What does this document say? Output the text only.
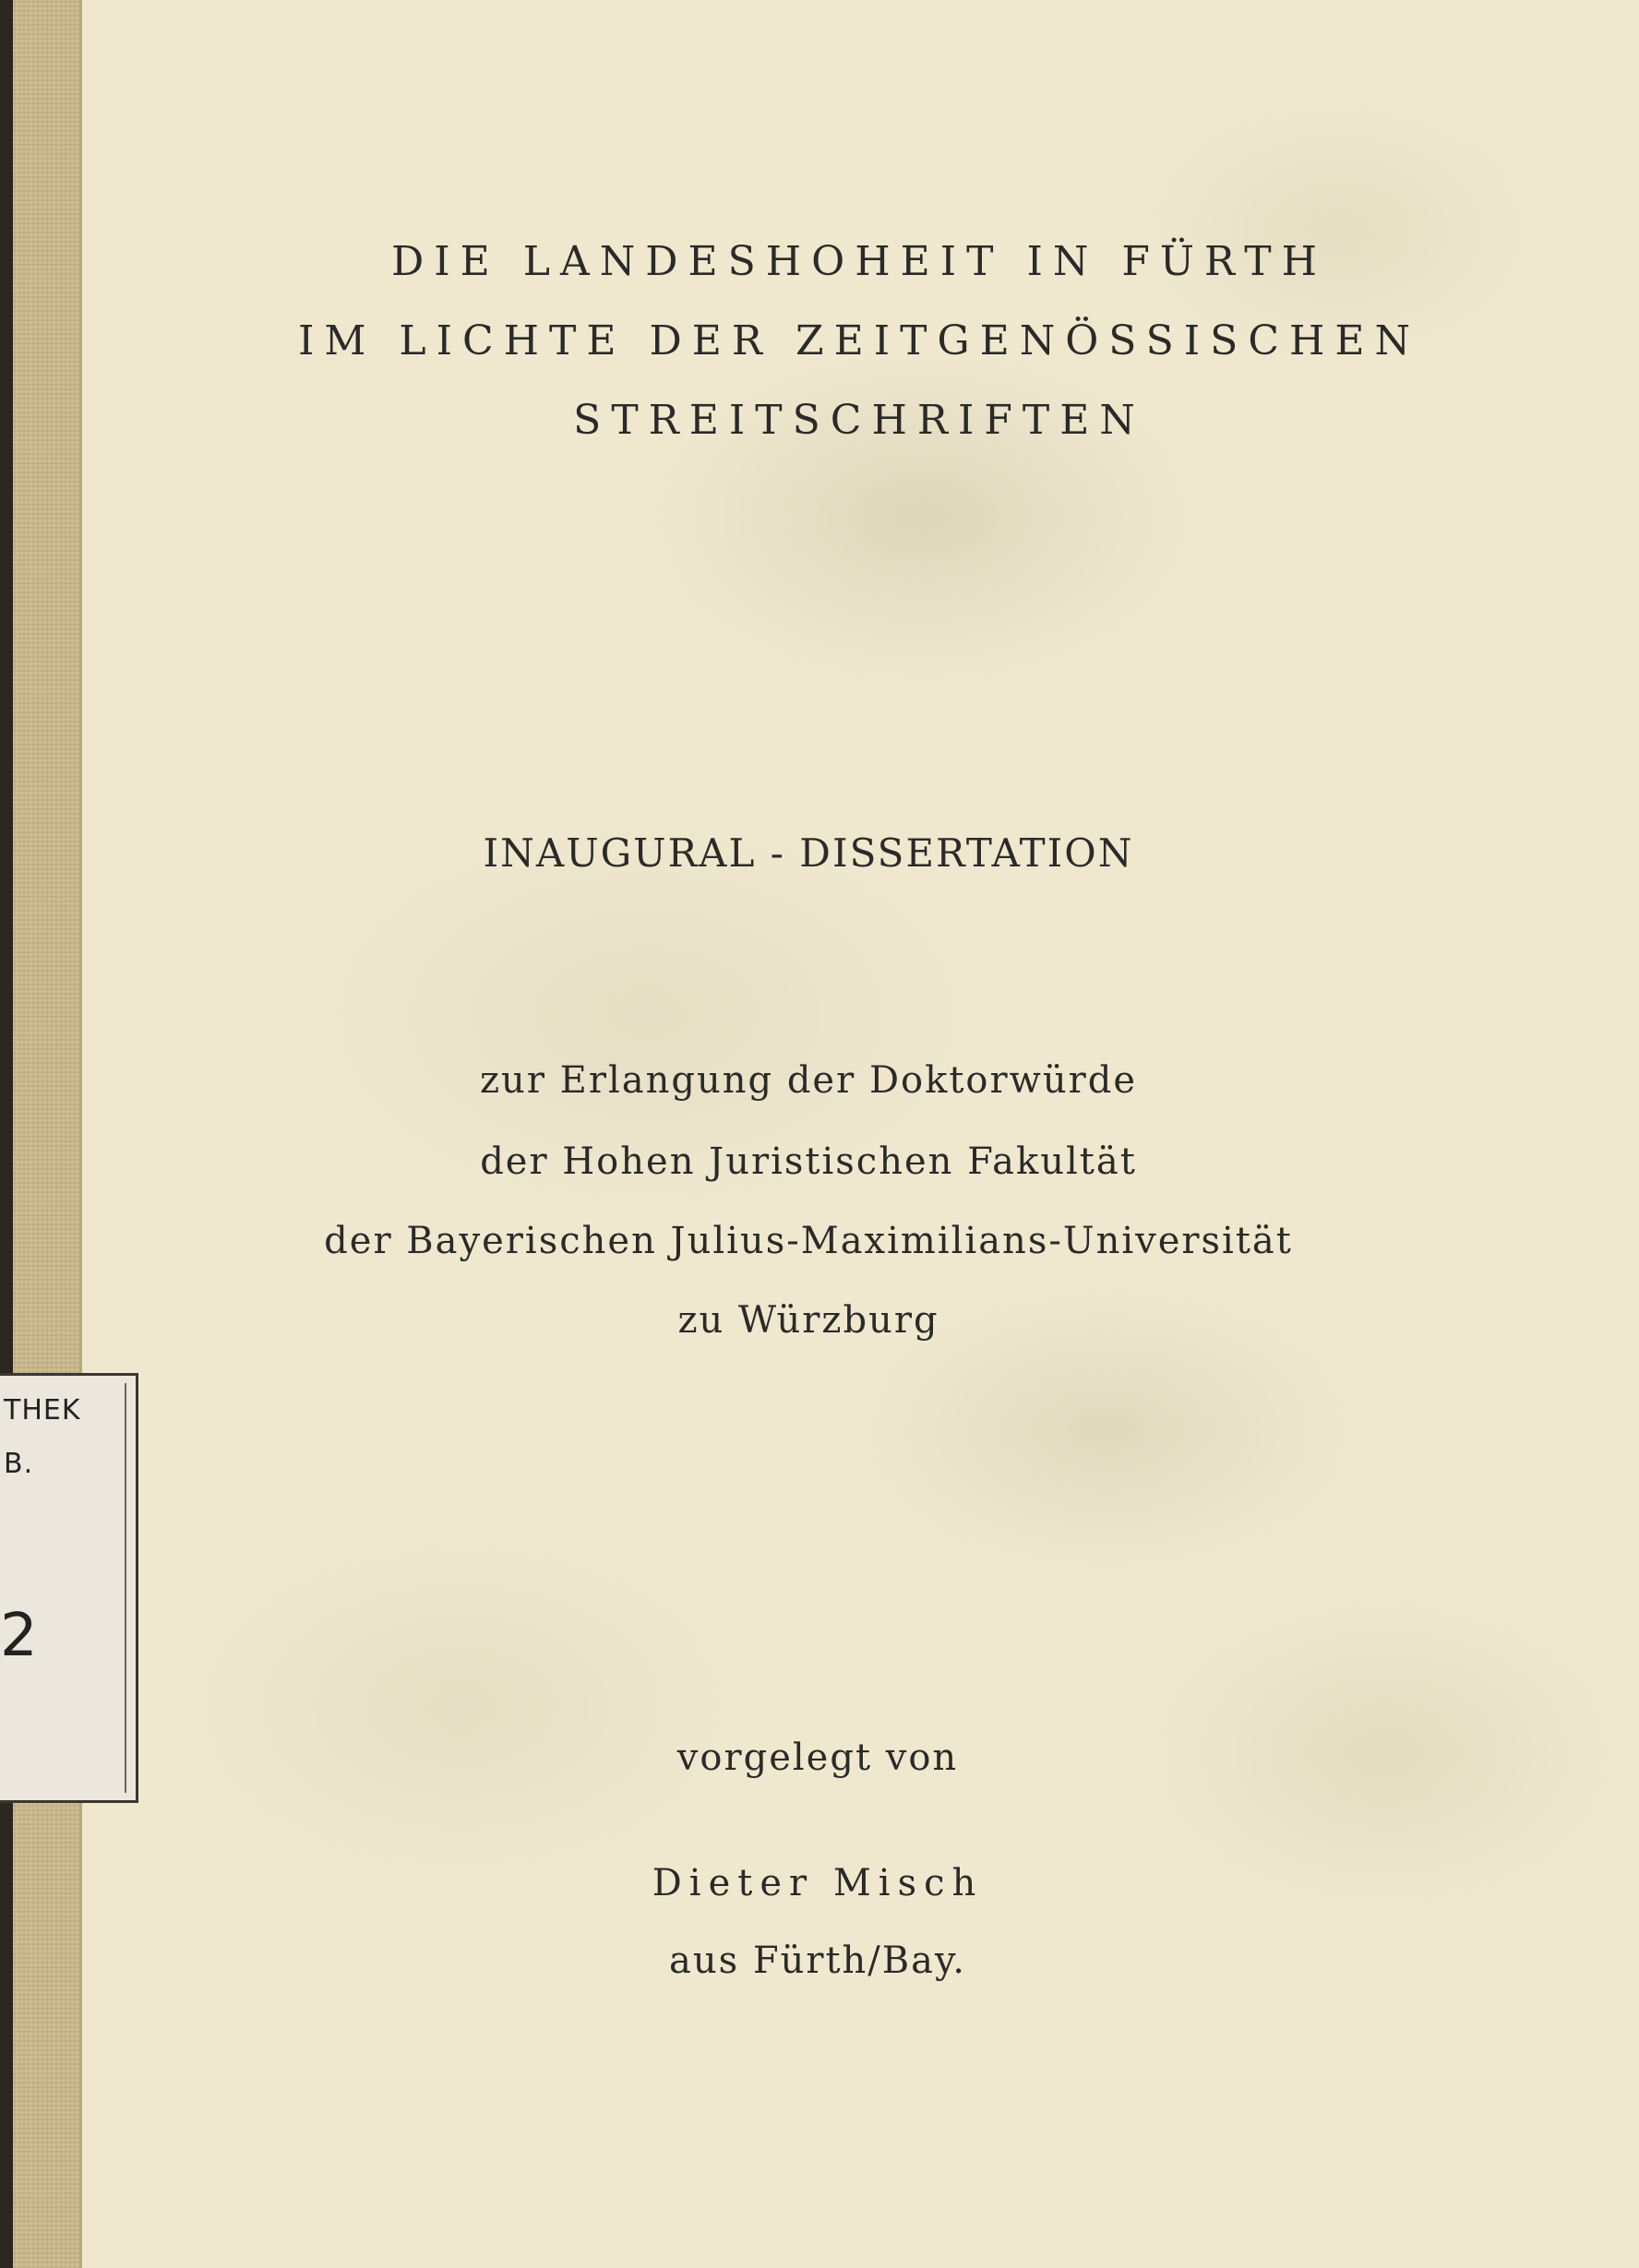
THEK
B.
2
DIE LANDESHOHEIT IN FÜRTH
IM LICHTE DER ZEITGENÖSSISCHEN
STREITSCHRIFTEN
INAUGURAL - DISSERTATION
zur Erlangung der Doktorwürde
der Hohen Juristischen Fakultät
der Bayerischen Julius-Maximilians-Universität
zu Würzburg
vorgelegt von
Dieter Misch
aus Fürth/Bay.
